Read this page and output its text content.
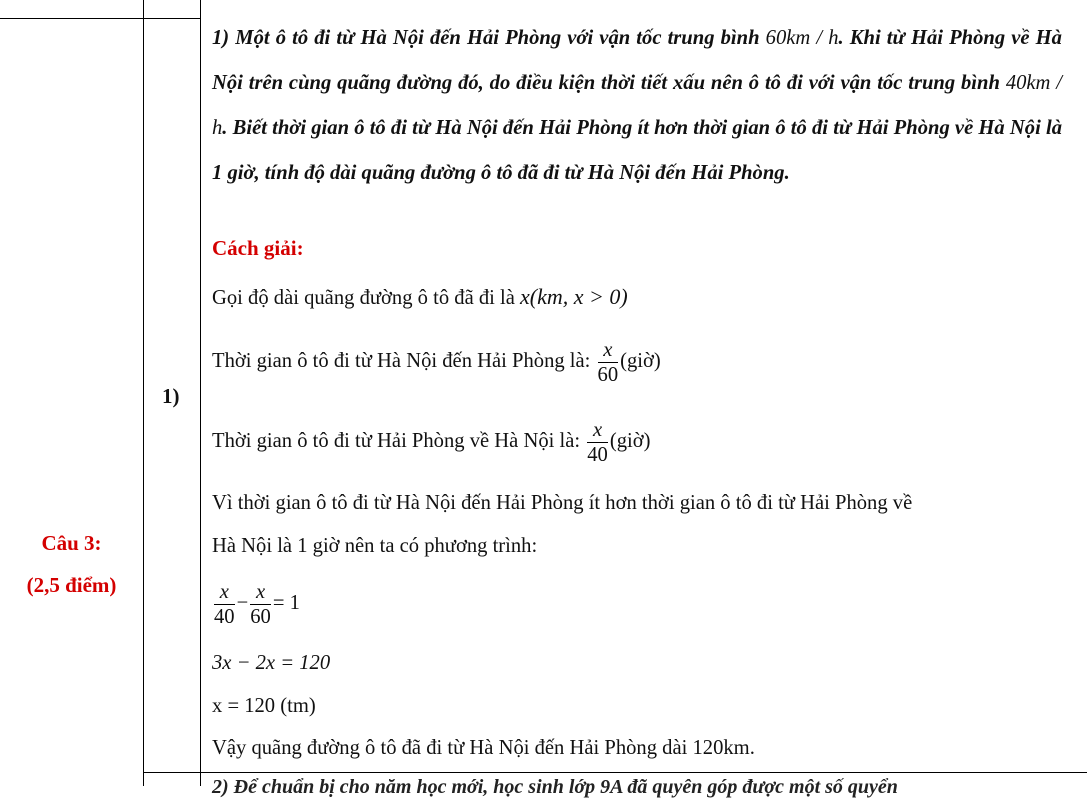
Câu 3:
(2,5 điểm)
1)
1) Một ô tô đi từ Hà Nội đến Hải Phòng với vận tốc trung bình 60km / h. Khi từ Hải Phòng về Hà Nội trên cùng quãng đường đó, do điều kiện thời tiết xấu nên ô tô đi với vận tốc trung bình 40km / h. Biết thời gian ô tô đi từ Hà Nội đến Hải Phòng ít hơn thời gian ô tô đi từ Hải Phòng về Hà Nội là 1 giờ, tính độ dài quãng đường ô tô đã đi từ Hà Nội đến Hải Phòng.
Cách giải:
Gọi độ dài quãng đường ô tô đã đi là x(km, x > 0)
Thời gian ô tô đi từ Hà Nội đến Hải Phòng là: $\frac{x}{60}$ (giờ)
Thời gian ô tô đi từ Hải Phòng về Hà Nội là: $\frac{x}{40}$ (giờ)
Vì thời gian ô tô đi từ Hà Nội đến Hải Phòng ít hơn thời gian ô tô đi từ Hải Phòng về
Hà Nội là 1 giờ nên ta có phương trình:
$\frac{x}{40} - \frac{x}{60} = 1$
3x − 2x = 120
x = 120 (tm)
Vậy quãng đường ô tô đã đi từ Hà Nội đến Hải Phòng dài 120km.
2) Để chuẩn bị cho năm học mới, học sinh lớp 9A đã quyên góp được một số quyển
